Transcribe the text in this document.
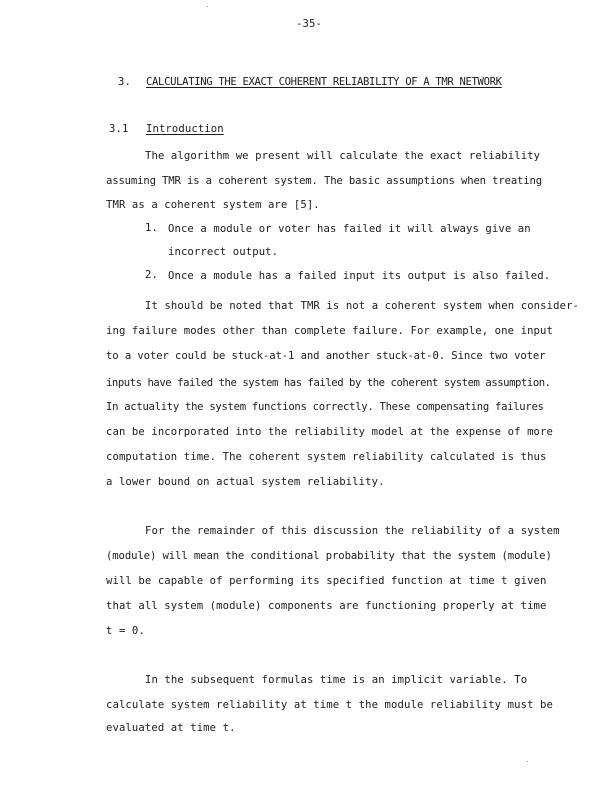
-35-
3. CALCULATING THE EXACT COHERENT RELIABILITY OF A TMR NETWORK
3.1 Introduction
The algorithm we present will calculate the exact reliability
assuming TMR is a coherent system. The basic assumptions when treating
TMR as a coherent system are [5].
1. Once a module or voter has failed it will always give an
incorrect output.
2. Once a module has a failed input its output is also failed.
It should be noted that TMR is not a coherent system when consider-
ing failure modes other than complete failure. For example, one input
to a voter could be stuck-at-1 and another stuck-at-0. Since two voter
inputs have failed the system has failed by the coherent system assumption.
In actuality the system functions correctly. These compensating failures
can be incorporated into the reliability model at the expense of more
computation time. The coherent system reliability calculated is thus
a lower bound on actual system reliability.
For the remainder of this discussion the reliability of a system
(module) will mean the conditional probability that the system (module)
will be capable of performing its specified function at time t given
that all system (module) components are functioning properly at time
t = 0.
In the subsequent formulas time is an implicit variable. To
calculate system reliability at time t the module reliability must be
evaluated at time t.
